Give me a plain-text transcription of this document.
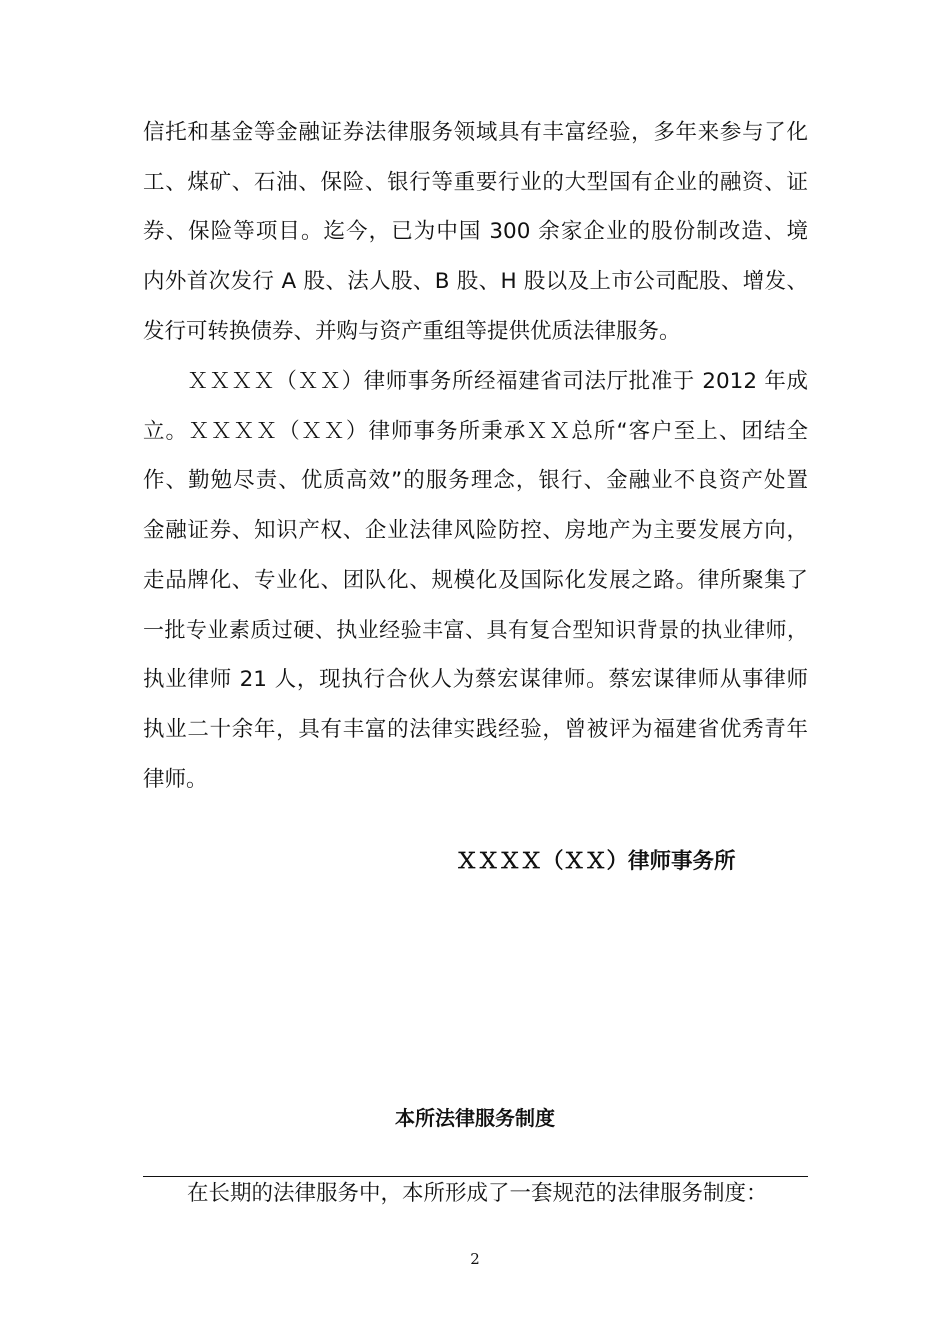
信托和基金等金融证券法律服务领域具有丰富经验，多年来参与了化
工、煤矿、石油、保险、银行等重要行业的大型国有企业的融资、证
券、保险等项目。迄今，已为中国 300 余家企业的股份制改造、境
内外首次发行 A 股、法人股、B 股、H 股以及上市公司配股、增发、
发行可转换债券、并购与资产重组等提供优质法律服务。
ＸＸＸＸ（ＸＸ）律师事务所经福建省司法厅批准于 2012 年成
立。ＸＸＸＸ（ＸＸ）律师事务所秉承ＸＸ总所“客户至上、团结全
作、勤勉尽责、优质高效”的服务理念，银行、金融业不良资产处置
金融证券、知识产权、企业法律风险防控、房地产为主要发展方向，
走品牌化、专业化、团队化、规模化及国际化发展之路。律所聚集了
一批专业素质过硬、执业经验丰富、具有复合型知识背景的执业律师，
执业律师 21 人，现执行合伙人为蔡宏谋律师。蔡宏谋律师从事律师
执业二十余年，具有丰富的法律实践经验，曾被评为福建省优秀青年
律师。
ＸＸＸＸ（ＸＸ）律师事务所
本所法律服务制度
在长期的法律服务中，本所形成了一套规范的法律服务制度：
2
